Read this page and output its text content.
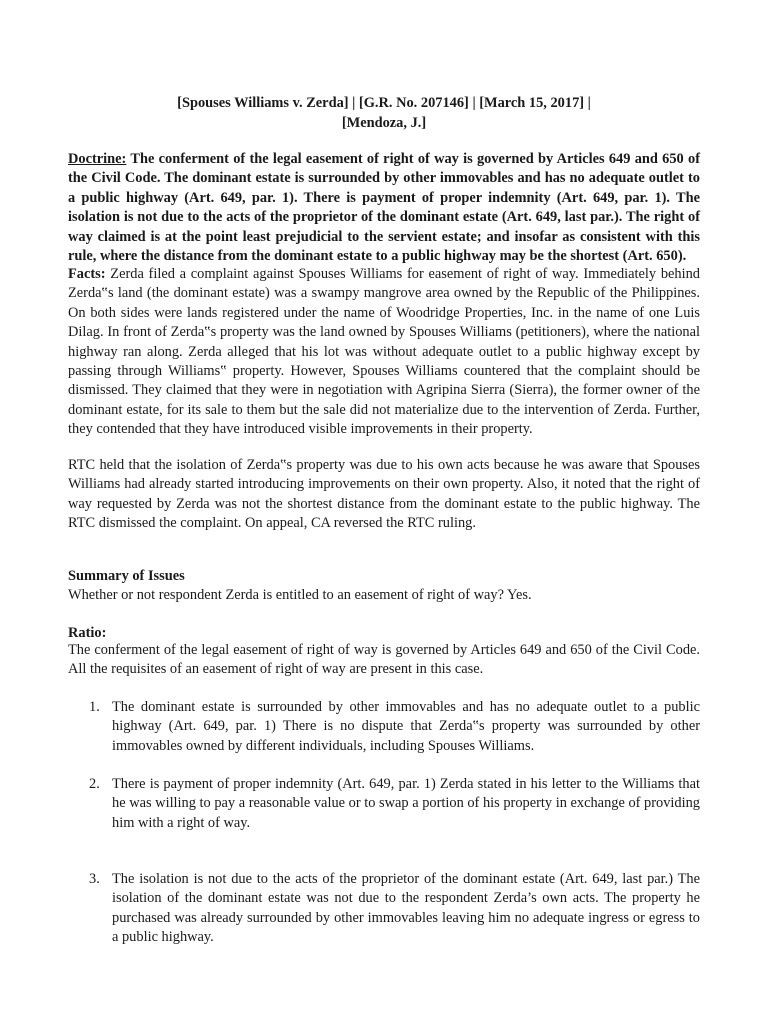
[Spouses Williams v. Zerda] | [G.R. No. 207146] | [March 15, 2017] |
[Mendoza, J.]
Doctrine: The conferment of the legal easement of right of way is governed by Articles 649 and 650 of the Civil Code. The dominant estate is surrounded by other immovables and has no adequate outlet to a public highway (Art. 649, par. 1). There is payment of proper indemnity (Art. 649, par. 1). The isolation is not due to the acts of the proprietor of the dominant estate (Art. 649, last par.). The right of way claimed is at the point least prejudicial to the servient estate; and insofar as consistent with this rule, where the distance from the dominant estate to a public highway may be the shortest (Art. 650).
Facts: Zerda filed a complaint against Spouses Williams for easement of right of way. Immediately behind Zerda‟s land (the dominant estate) was a swampy mangrove area owned by the Republic of the Philippines. On both sides were lands registered under the name of Woodridge Properties, Inc. in the name of one Luis Dilag. In front of Zerda‟s property was the land owned by Spouses Williams (petitioners), where the national highway ran along. Zerda alleged that his lot was without adequate outlet to a public highway except by passing through Williams‟ property. However, Spouses Williams countered that the complaint should be dismissed. They claimed that they were in negotiation with Agripina Sierra (Sierra), the former owner of the dominant estate, for its sale to them but the sale did not materialize due to the intervention of Zerda. Further, they contended that they have introduced visible improvements in their property.
RTC held that the isolation of Zerda‟s property was due to his own acts because he was aware that Spouses Williams had already started introducing improvements on their own property. Also, it noted that the right of way requested by Zerda was not the shortest distance from the dominant estate to the public highway. The RTC dismissed the complaint. On appeal, CA reversed the RTC ruling.
Summary of Issues
Whether or not respondent Zerda is entitled to an easement of right of way? Yes.
Ratio:
The conferment of the legal easement of right of way is governed by Articles 649 and 650 of the Civil Code. All the requisites of an easement of right of way are present in this case.
1. The dominant estate is surrounded by other immovables and has no adequate outlet to a public highway (Art. 649, par. 1) There is no dispute that Zerda‟s property was surrounded by other immovables owned by different individuals, including Spouses Williams.
2. There is payment of proper indemnity (Art. 649, par. 1) Zerda stated in his letter to the Williams that he was willing to pay a reasonable value or to swap a portion of his property in exchange of providing him with a right of way.
3. The isolation is not due to the acts of the proprietor of the dominant estate (Art. 649, last par.) The isolation of the dominant estate was not due to the respondent Zerda’s own acts. The property he purchased was already surrounded by other immovables leaving him no adequate ingress or egress to a public highway.
